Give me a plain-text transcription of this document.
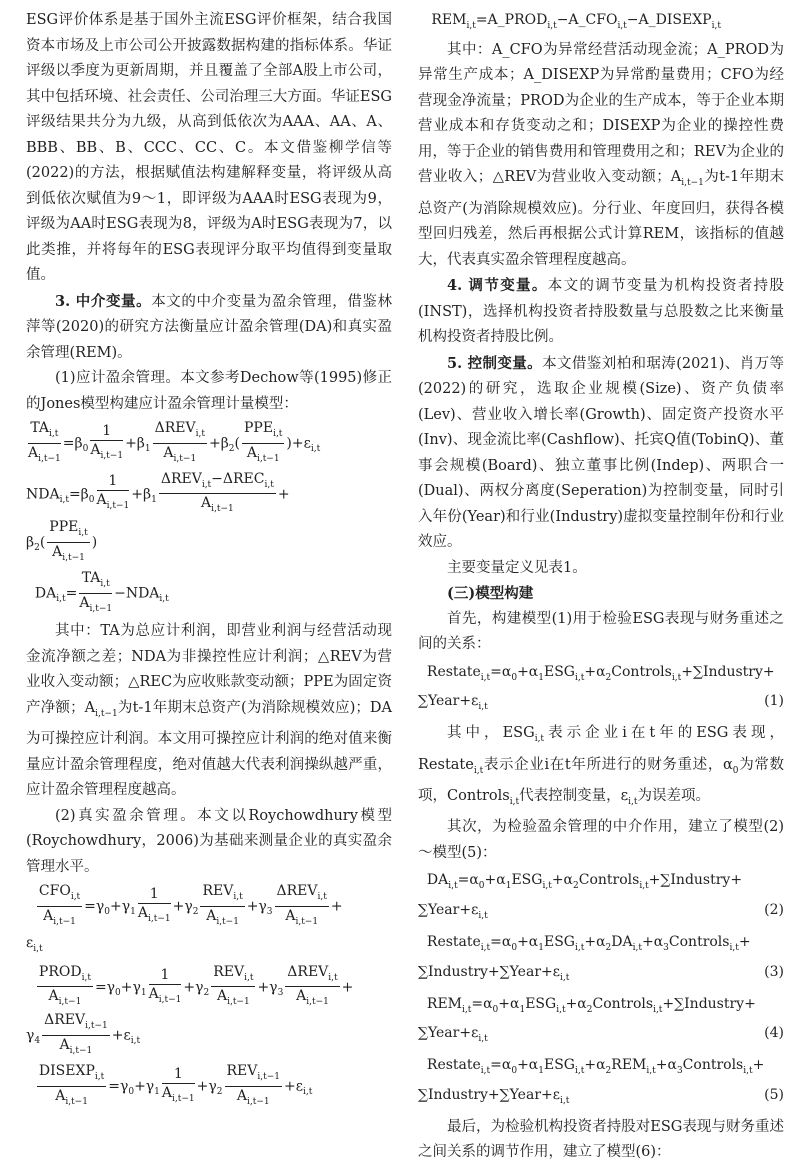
ESG评价体系是基于国外主流ESG评价框架，结合我国资本市场及上市公司公开披露数据构建的指标体系。华证评级以季度为更新周期，并且覆盖了全部A股上市公司，其中包括环境、社会责任、公司治理三大方面。华证ESG评级结果共分为九级，从高到低依次为AAA、AA、A、BBB、BB、B、CCC、CC、C。本文借鉴柳学信等(2022)的方法，根据赋值法构建解释变量，将评级从高到低依次赋值为9～1，即评级为AAA时ESG表现为9，评级为AA时ESG表现为8，评级为A时ESG表现为7，以此类推，并将每年的ESG表现评分取平均值得到变量取值。

3. 中介变量。本文的中介变量为盈余管理，借鉴林萍等(2020)的研究方法衡量应计盈余管理(DA)和真实盈余管理(REM)。

(1)应计盈余管理。本文参考Dechow等(1995)修正的Jones模型构建应计盈余管理计量模型：

$\frac{TA_{i,t}}{A_{i,t-1}} =\beta_0 \frac{1}{A_{i,t-1}} +\beta_1 \frac{\Delta REV_{i,t}}{A_{i,t-1}} +\beta_2( \frac{PPE_{i,t}}{A_{i,t-1}} )+\varepsilon_{i,t}$
$NDA_{i,t}=\beta_0 \frac{1}{A_{i,t-1}} +\beta_1 \frac{\Delta REV_{i,t}-\Delta REC_{i,t}}{A_{i,t-1}}$ +
$\beta_2( \frac{PPE_{i,t}}{A_{i,t-1}}$ )
$DA_{i,t}= \frac{TA_{i,t}}{A_{i,t-1}} -NDA_{i,t}$

其中：TA为总应计利润，即营业利润与经营活动现金流净额之差；NDA为非操控性应计利润；△REV为营业收入变动额；△REC为应收账款变动额；PPE为固定资产净额；$A_{i,t-1}$为t-1年期末总资产(为消除规模效应)；DA为可操控应计利润。本文用可操控应计利润的绝对值来衡量应计盈余管理程度，绝对值越大代表利润操纵越严重，应计盈余管理程度越高。

(2)真实盈余管理。本文以Roychowdhury模型(Roychowdhury，2006)为基础来测量企业的真实盈余管理水平。

$\frac{CFO_{i,t}}{A_{i,t-1}} =\gamma_0+\gamma_1 \frac{1}{A_{i,t-1}} +\gamma_2 \frac{REV_{i,t}}{A_{i,t-1}} +\gamma_3 \frac{\Delta REV_{i,t}}{A_{i,t-1}}$ +
$\varepsilon_{i,t}$

$\frac{PROD_{i,t}}{A_{i,t-1}} =\gamma_0+\gamma_1 \frac{1}{A_{i,t-1}} +\gamma_2 \frac{REV_{i,t}}{A_{i,t-1}} +\gamma_3 \frac{\Delta REV_{i,t}}{A_{i,t-1}}$ +
$\gamma_4 \frac{\Delta REV_{i,t-1}}{A_{i,t-1}} +\varepsilon_{i,t}$

$\frac{DISEXP_{i,t}}{A_{i,t-1}} =\gamma_0+\gamma_1 \frac{1}{A_{i,t-1}} +\gamma_2 \frac{REV_{i,t-1}}{A_{i,t-1}} +\varepsilon_{i,t}$
$REM_{i,t}=A\_PROD_{i,t}-A\_CFO_{i,t}-A\_DISEXP_{i,t}$

其中：A_CFO为异常经营活动现金流；A_PROD为异常生产成本；A_DISEXP为异常酌量费用；CFO为经营现金净流量；PROD为企业的生产成本，等于企业本期营业成本和存货变动之和；DISEXP为企业的操控性费用，等于企业的销售费用和管理费用之和；REV为企业的营业收入；△REV为营业收入变动额；$A_{i,t-1}$为t-1年期末总资产(为消除规模效应)。分行业、年度回归，获得各模型回归残差，然后再根据公式计算REM，该指标的值越大，代表真实盈余管理程度越高。

4. 调节变量。本文的调节变量为机构投资者持股(INST)，选择机构投资者持股数量与总股数之比来衡量机构投资者持股比例。

5. 控制变量。本文借鉴刘柏和琚涛(2021)、肖万等(2022)的研究，选取企业规模(Size)、资产负债率(Lev)、营业收入增长率(Growth)、固定资产投资水平(Inv)、现金流比率(Cashflow)、托宾Q值(TobinQ)、董事会规模(Board)、独立董事比例(Indep)、两职合一(Dual)、两权分离度(Seperation)为控制变量，同时引入年份(Year)和行业(Industry)虚拟变量控制年份和行业效应。

主要变量定义见表1。

(三)模型构建

首先，构建模型(1)用于检验ESG表现与财务重述之间的关系：

$Restate_{i,t}=\alpha_0+\alpha_1ESG_{i,t}+\alpha_2Controls_{i,t}+\sum Industry+$
$\sum Year+\varepsilon_{i,t}$	(1)

其中，$ESG_{i,t}$表示企业i在t年的ESG表现，Restate$_{i,t}$表示企业i在t年所进行的财务重述，$\alpha_0$为常数项，Controls$_{i,t}$代表控制变量，$\varepsilon_{i,t}$为误差项。

其次，为检验盈余管理的中介作用，建立了模型(2)～模型(5)：

$DA_{i,t}=\alpha_0+\alpha_1ESG_{i,t}+\alpha_2Controls_{i,t}+\sum Industry+$
$\sum Year+\varepsilon_{i,t}$	(2)
$Restate_{i,t}=\alpha_0+\alpha_1ESG_{i,t}+\alpha_2DA_{i,t}+\alpha_3Controls_{i,t}+$
$\sum Industry+\sum Year+\varepsilon_{i,t}$	(3)
$REM_{i,t}=\alpha_0+\alpha_1ESG_{i,t}+\alpha_2Controls_{i,t}+\sum Industry+$
$\sum Year+\varepsilon_{i,t}$	(4)
$Restate_{i,t}=\alpha_0+\alpha_1ESG_{i,t}+\alpha_2REM_{i,t}+\alpha_3Controls_{i,t}+$
$\sum Industry+\sum Year+\varepsilon_{i,t}$	(5)

最后，为检验机构投资者持股对ESG表现与财务重述之间关系的调节作用，建立了模型(6)：
